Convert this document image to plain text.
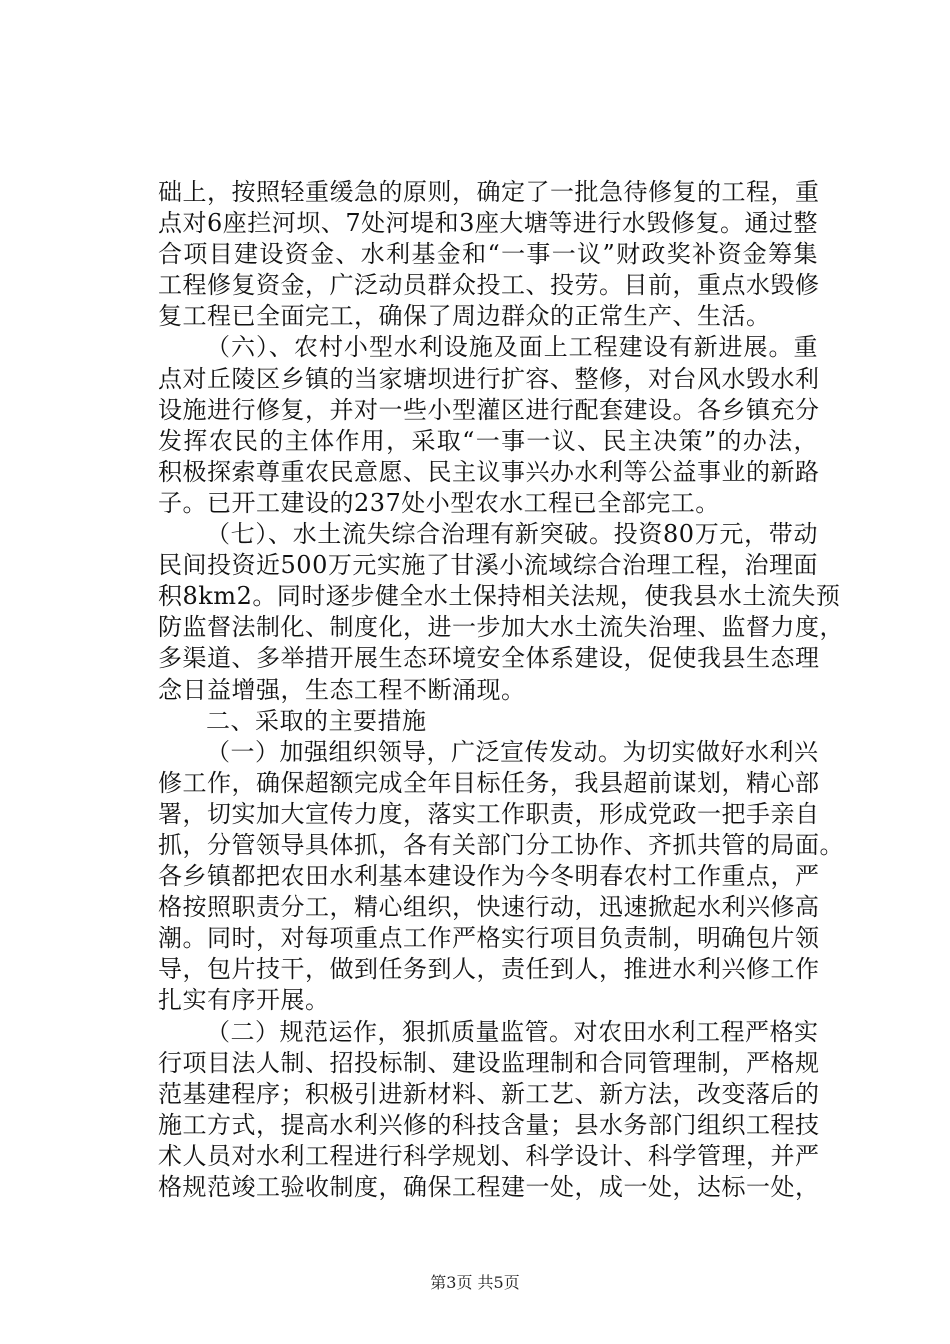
础上，按照轻重缓急的原则，确定了一批急待修复的工程，重
点对6座拦河坝、7处河堤和3座大塘等进行水毁修复。通过整
合项目建设资金、水利基金和“一事一议”财政奖补资金筹集
工程修复资金，广泛动员群众投工、投劳。目前，重点水毁修
复工程已全面完工，确保了周边群众的正常生产、生活。
（六）、农村小型水利设施及面上工程建设有新进展。重
点对丘陵区乡镇的当家塘坝进行扩容、整修，对台风水毁水利
设施进行修复，并对一些小型灌区进行配套建设。各乡镇充分
发挥农民的主体作用，采取“一事一议、民主决策”的办法，
积极探索尊重农民意愿、民主议事兴办水利等公益事业的新路
子。已开工建设的237处小型农水工程已全部完工。
（七）、水土流失综合治理有新突破。投资80万元，带动
民间投资近500万元实施了甘溪小流域综合治理工程，治理面
积8km2。同时逐步健全水土保持相关法规，使我县水土流失预
防监督法制化、制度化，进一步加大水土流失治理、监督力度，
多渠道、多举措开展生态环境安全体系建设，促使我县生态理
念日益增强，生态工程不断涌现。
二、采取的主要措施
（一）加强组织领导，广泛宣传发动。为切实做好水利兴
修工作，确保超额完成全年目标任务，我县超前谋划，精心部
署，切实加大宣传力度，落实工作职责，形成党政一把手亲自
抓，分管领导具体抓，各有关部门分工协作、齐抓共管的局面。
各乡镇都把农田水利基本建设作为今冬明春农村工作重点，严
格按照职责分工，精心组织，快速行动，迅速掀起水利兴修高
潮。同时，对每项重点工作严格实行项目负责制，明确包片领
导，包片技干，做到任务到人，责任到人，推进水利兴修工作
扎实有序开展。
（二）规范运作，狠抓质量监管。对农田水利工程严格实
行项目法人制、招投标制、建设监理制和合同管理制，严格规
范基建程序；积极引进新材料、新工艺、新方法，改变落后的
施工方式，提高水利兴修的科技含量；县水务部门组织工程技
术人员对水利工程进行科学规划、科学设计、科学管理，并严
格规范竣工验收制度，确保工程建一处，成一处，达标一处，
第3页 共5页
